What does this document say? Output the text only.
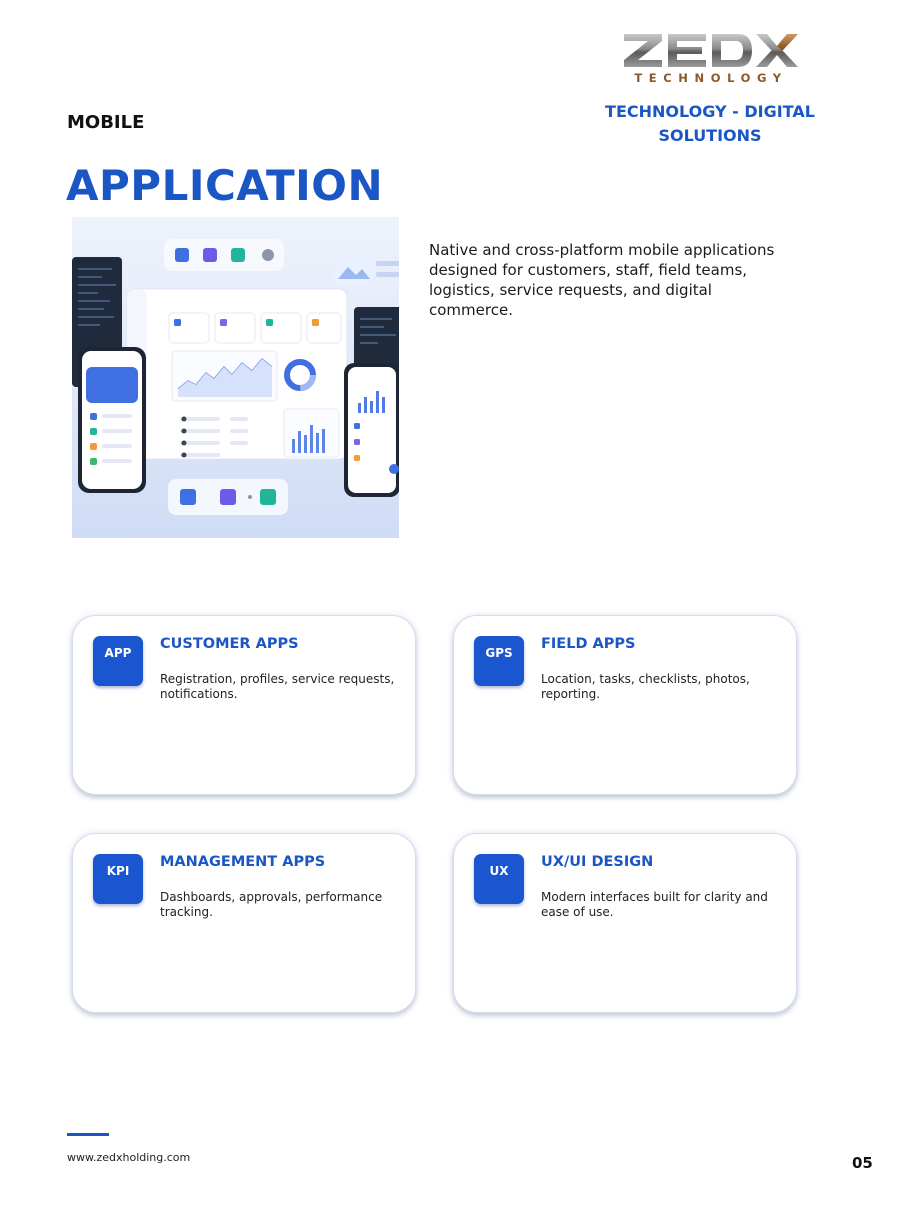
TECHNOLOGY
TECHNOLOGY - DIGITAL SOLUTIONS
MOBILE
APPLICATION
Native and cross-platform mobile applications designed for customers, staff, field teams, logistics, service requests, and digital commerce.
APP
CUSTOMER APPS
Registration, profiles, service requests, notifications.
GPS
FIELD APPS
Location, tasks, checklists, photos, reporting.
KPI
MANAGEMENT APPS
Dashboards, approvals, performance tracking.
UX
UX/UI DESIGN
Modern interfaces built for clarity and ease of use.
www.zedxholding.com	05
